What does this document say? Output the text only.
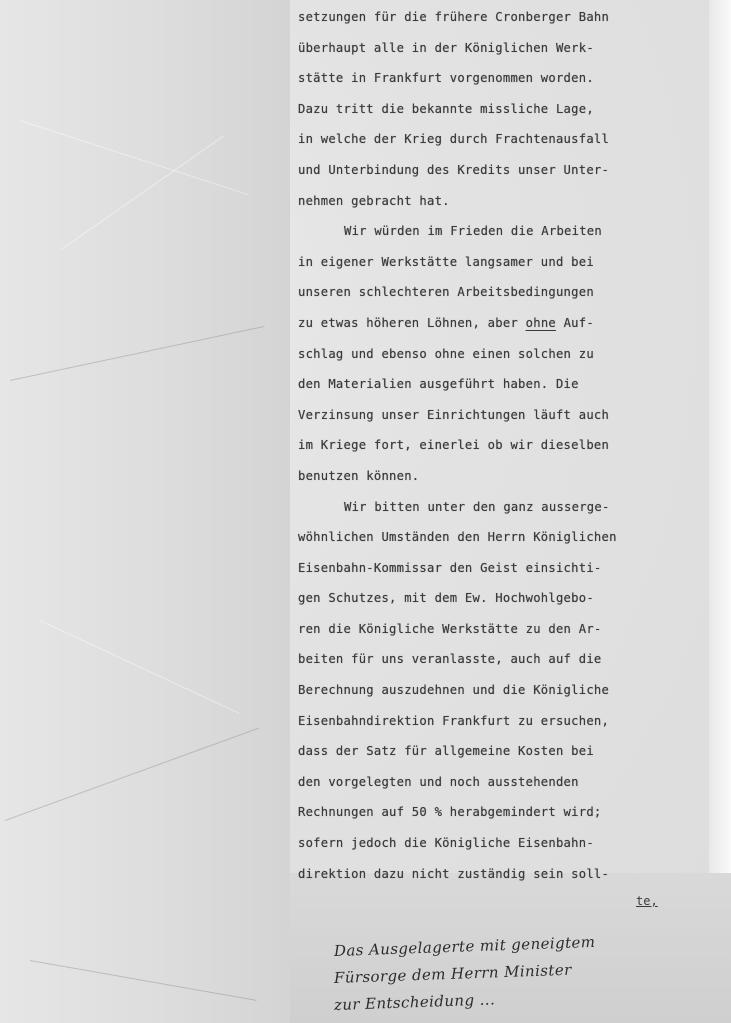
setzungen für die frühere Cronberger Bahn
überhaupt alle in der Königlichen Werk-
stätte in Frankfurt vorgenommen worden.
Dazu tritt die bekannte missliche Lage,
in welche der Krieg durch Frachtenausfall
und Unterbindung des Kredits unser Unter-
nehmen gebracht hat.
Wir würden im Frieden die Arbeiten
in eigener Werkstätte langsamer und bei
unseren schlechteren Arbeitsbedingungen
zu etwas höheren Löhnen, aber ohne Auf-
schlag und ebenso ohne einen solchen zu
den Materialien ausgeführt haben. Die
Verzinsung unser Einrichtungen läuft auch
im Kriege fort, einerlei ob wir dieselben
benutzen können.
Wir bitten unter den ganz ausserge-
wöhnlichen Umständen den Herrn Königlichen
Eisenbahn-Kommissar den Geist einsichti-
gen Schutzes, mit dem Ew. Hochwohlgebo-
ren die Königliche Werkstätte zu den Ar-
beiten für uns veranlasste, auch auf die
Berechnung auszudehnen und die Königliche
Eisenbahndirektion Frankfurt zu ersuchen,
dass der Satz für allgemeine Kosten bei
den vorgelegten und noch ausstehenden
Rechnungen auf 50 % herabgemindert wird;
sofern jedoch die Königliche Eisenbahn-
direktion dazu nicht zuständig sein soll-
te,
Das Ausgelagerte mit geneigtem
Fürsorge dem Herrn Minister
zur Entscheidung ...
